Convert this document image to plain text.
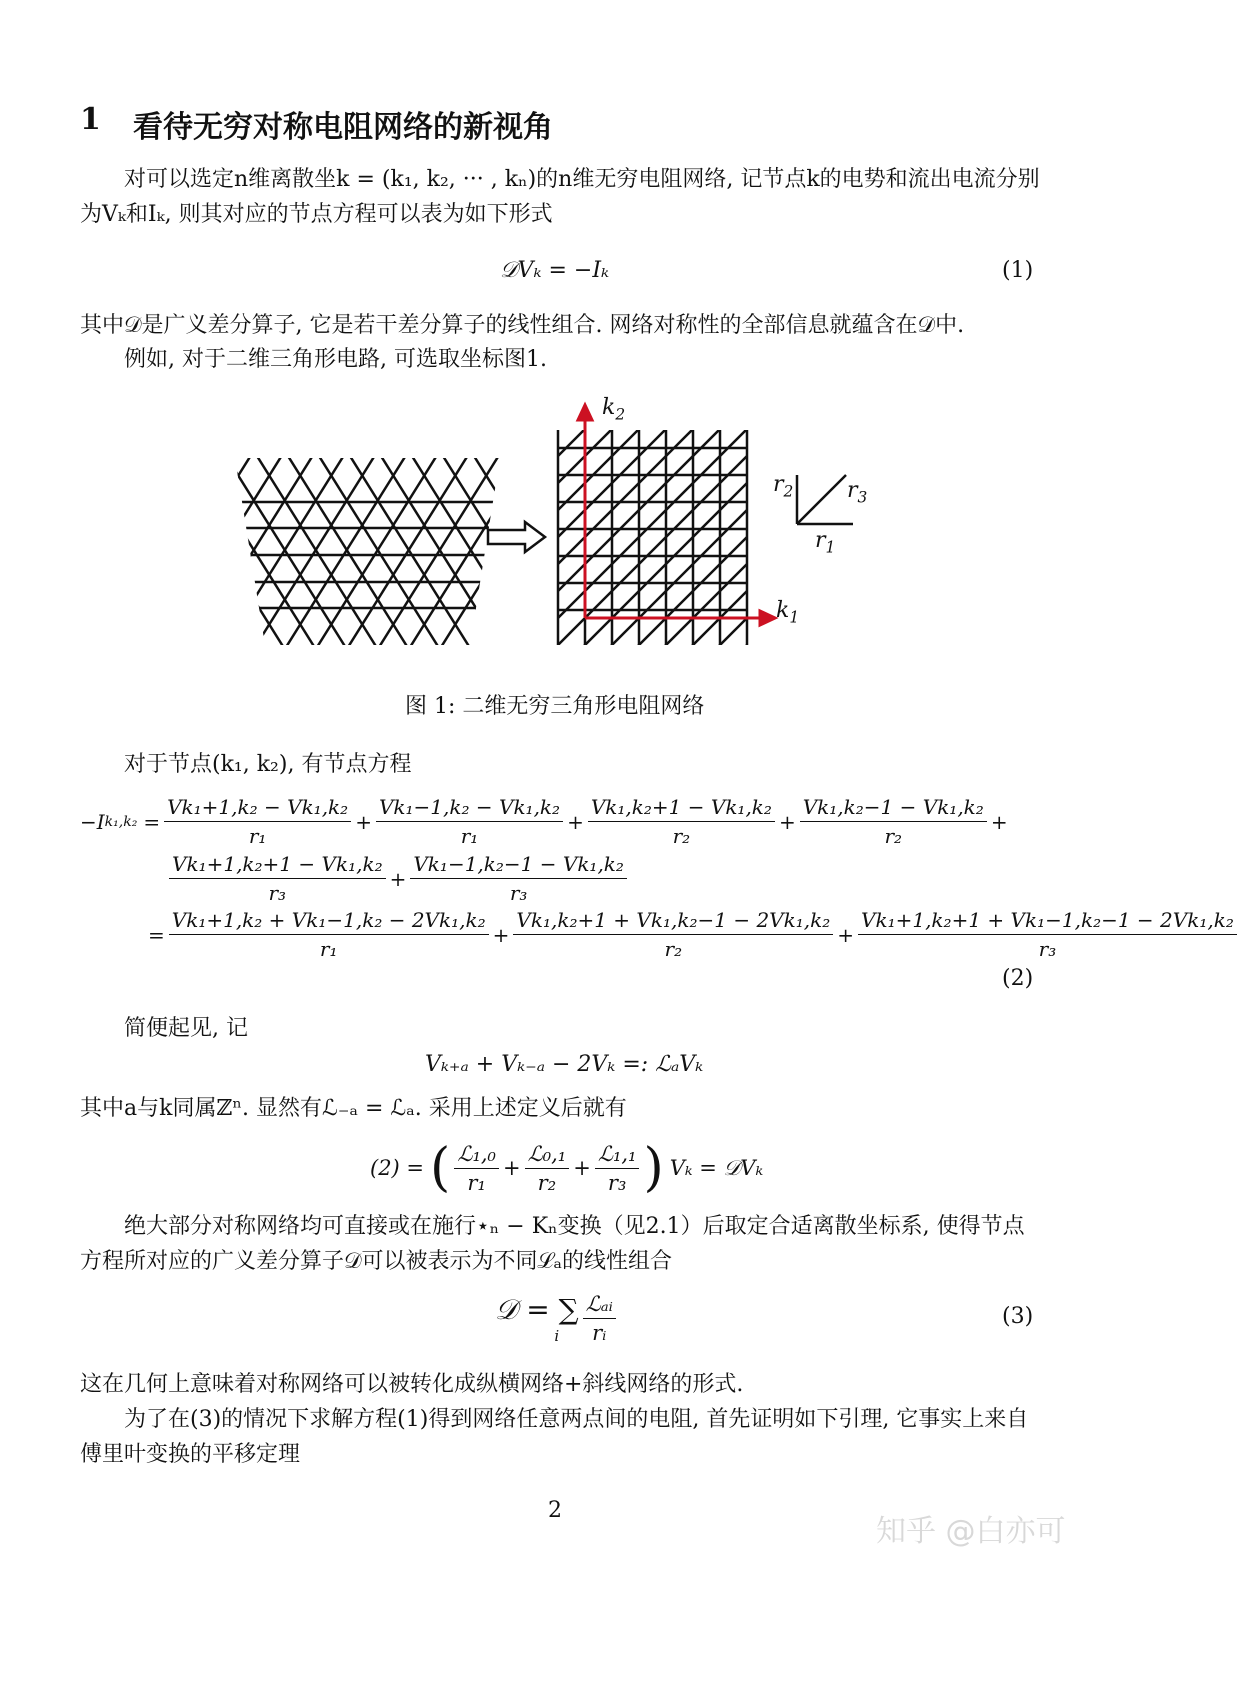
1 看待无穷对称电阻网络的新视角
对可以选定n维离散坐k = (k₁, k₂, ··· , kₙ)的n维无穷电阻网络, 记节点k的电势和流出电流分别
为Vₖ和Iₖ, 则其对应的节点方程可以表为如下形式
𝒟Vₖ = −Iₖ	(1)
其中𝒟是广义差分算子, 它是若干差分算子的线性组合. 网络对称性的全部信息就蕴含在𝒟中.
例如, 对于二维三角形电路, 可选取坐标图1.
$k_2$
$k_1$
$r_2$ $r_3$
$r_1$
图 1: 二维无穷三角形电阻网络
对于节点(k₁, k₂), 有节点方程
−I $k_1,k_2 = \frac{\text{Vk₁+1,k₂ − Vk₁,k₂}}{\text{r₁}} + \frac{\text{Vk₁−1,k₂ − Vk₁,k₂}}{\text{r₁}} + \frac{\text{Vk₁,k₂+1 − Vk₁,k₂}}{\text{r₂}} + \frac{\text{Vk₁,k₂−1 − Vk₁,k₂}}{\text{r₂}}$ +
$\frac{\text{Vk₁+1,k₂+1 − Vk₁,k₂}}{\text{r₃}} + \frac{\text{Vk₁−1,k₂−1 − Vk₁,k₂}}{\text{r₃}}$
= $\frac{\text{Vk₁+1,k₂ + Vk₁−1,k₂ − 2Vk₁,k₂}}{\text{r₁}} + \frac{\text{Vk₁,k₂+1 + Vk₁,k₂−1 − 2Vk₁,k₂}}{\text{r₂}} + \frac{\text{Vk₁+1,k₂+1 + Vk₁−1,k₂−1 − 2Vk₁,k₂}}{\text{r₃}}$
(2)
简便起见, 记
Vₖ₊ₐ + Vₖ₋ₐ − 2Vₖ =: ℒₐVₖ
其中a与k同属ℤⁿ. 显然有ℒ₋ₐ = ℒₐ. 采用上述定义后就有
(2) = ( $\frac{\text{ℒ₁,₀}}{\text{r₁}} + \frac{\text{ℒ₀,₁}}{\text{r₂}} + \frac{\text{ℒ₁,₁}}{\text{r₃}}$ ) Vₖ = 𝒟Vₖ
绝大部分对称网络均可直接或在施行⋆ₙ − Kₙ变换（见2.1）后取定合适离散坐标系, 使得节点
方程所对应的广义差分算子𝒟可以被表示为不同ℒₐ的线性组合
𝒟 = ∑
i $\frac{\text{ℒₐᵢ}}{\text{rᵢ}}$	(3)
这在几何上意味着对称网络可以被转化成纵横网络+斜线网络的形式.
为了在(3)的情况下求解方程(1)得到网络任意两点间的电阻, 首先证明如下引理, 它事实上来自
傅里叶变换的平移定理
2
知乎 @白亦可
